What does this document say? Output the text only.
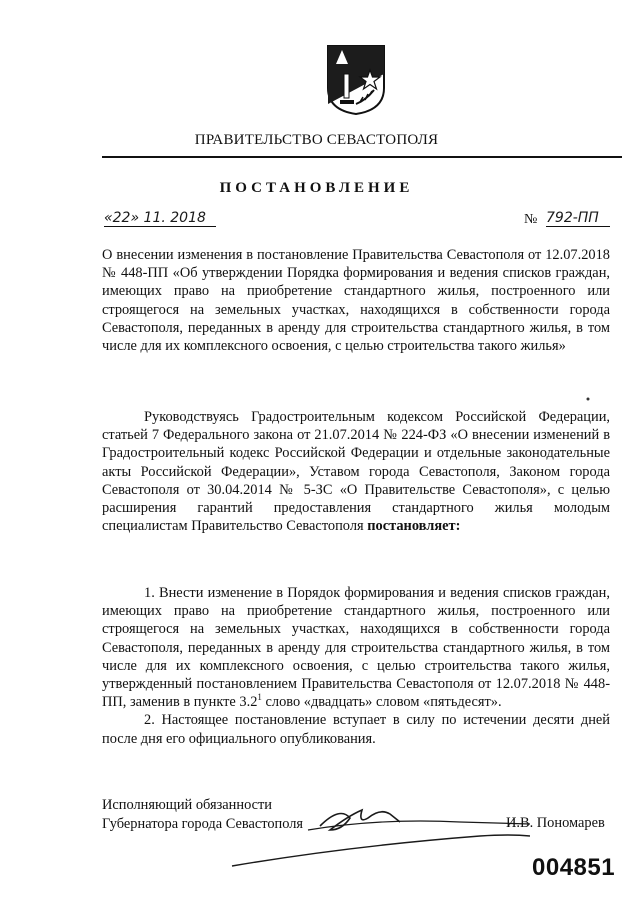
ПРАВИТЕЛЬСТВО СЕВАСТОПОЛЯ
ПОСТАНОВЛЕНИЕ
«22» 11. 2018	№ 792-ПП

О внесении изменения в постановление Правительства Севастополя от 12.07.2018 № 448-ПП «Об утверждении Порядка формирования и ведения списков граждан, имеющих право на приобретение стандартного жилья, построенного или строящегося на земельных участках, находящихся в собственности города Севастополя, переданных в аренду для строительства стандартного жилья, в том числе для их комплексного освоения, с целью строительства такого жилья»

Руководствуясь Градостроительным кодексом Российской Федерации, статьей 7 Федерального закона от 21.07.2014 № 224-ФЗ «О внесении изменений в Градостроительный кодекс Российской Федерации и отдельные законодательные акты Российской Федерации», Уставом города Севастополя, Законом города Севастополя от 30.04.2014 № 5-ЗС «О Правительстве Севастополя», с целью расширения гарантий предоставления стандартного жилья молодым специалистам Правительство Севастополя постановляет:

1. Внести изменение в Порядок формирования и ведения списков граждан, имеющих право на приобретение стандартного жилья, построенного или строящегося на земельных участках, находящихся в собственности города Севастополя, переданных в аренду для строительства стандартного жилья, в том числе для их комплексного освоения, с целью строительства такого жилья, утвержденный постановлением Правительства Севастополя от 12.07.2018 № 448-ПП, заменив в пункте $3.2^1$ слово «двадцать» словом «пятьдесят».

2. Настоящее постановление вступает в силу по истечении десяти дней после дня его официального опубликования.

Исполняющий обязанности
Губернатора города Севастополя	И.В. Пономарев
004851
